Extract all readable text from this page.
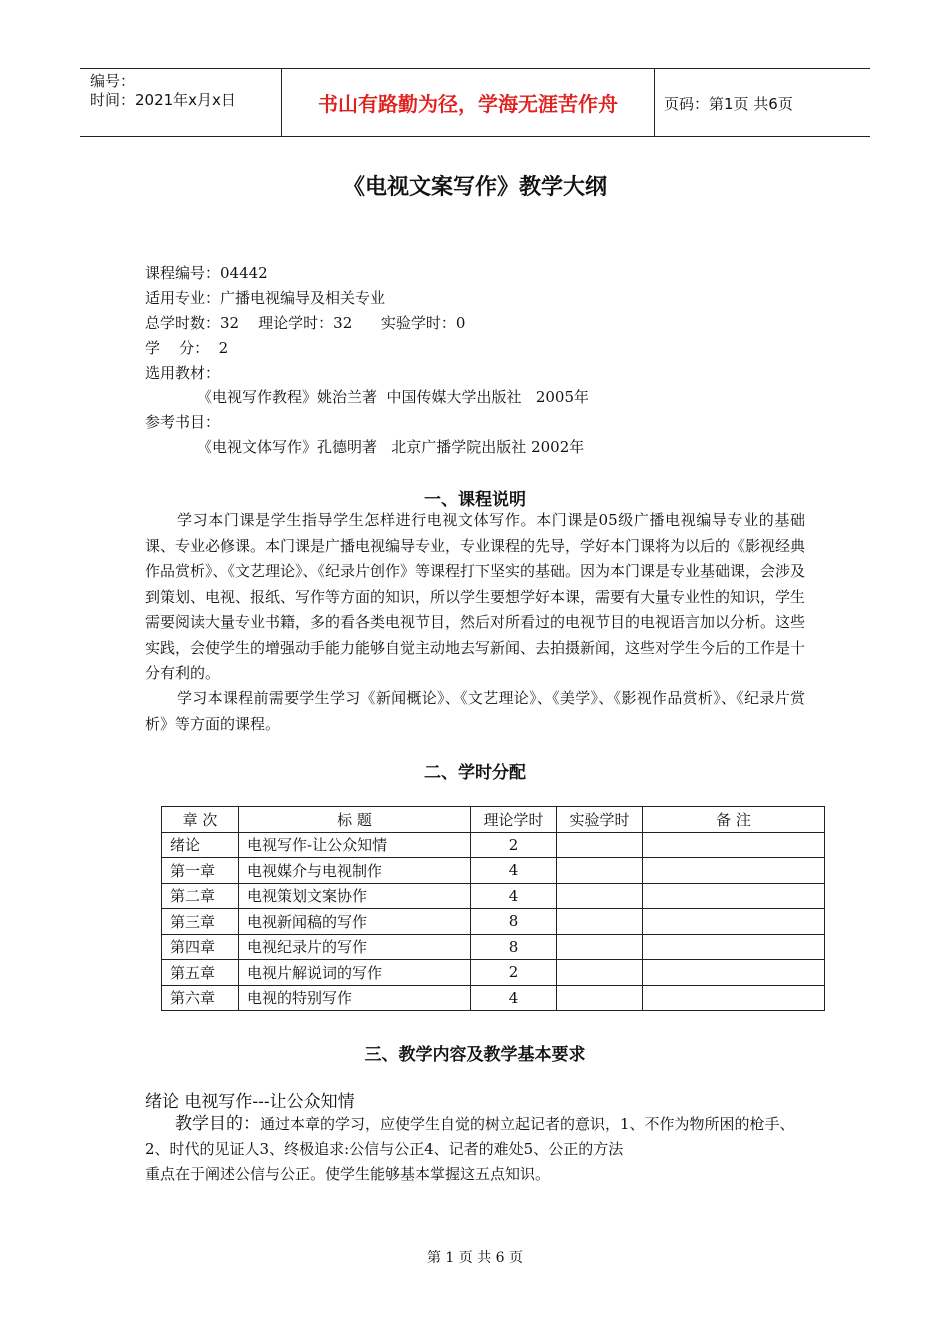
编号：
时间：2021年x月x日	书山有路勤为径，学海无涯苦作舟	页码：第1页 共6页
《电视文案写作》教学大纲
课程编号：04442
适用专业：广播电视编导及相关专业
总学时数：32    理论学时：32      实验学时：0
学    分：  2
选用教材：
《电视写作教程》姚治兰著  中国传媒大学出版社   2005年
参考书目：
《电视文体写作》孔德明著   北京广播学院出版社 2002年
一、课程说明

学习本门课是学生指导学生怎样进行电视文体写作。本门课是05级广播电视编导专业的基础课、专业必修课。本门课是广播电视编导专业，专业课程的先导，学好本门课将为以后的《影视经典作品赏析》、《文艺理论》、《纪录片创作》等课程打下坚实的基础。因为本门课是专业基础课，会涉及到策划、电视、报纸、写作等方面的知识，所以学生要想学好本课，需要有大量专业性的知识，学生需要阅读大量专业书籍，多的看各类电视节目，然后对所看过的电视节目的电视语言加以分析。这些实践，会使学生的增强动手能力能够自觉主动地去写新闻、去拍摄新闻，这些对学生今后的工作是十分有利的。

学习本课程前需要学生学习《新闻概论》、《文艺理论》、《美学》、《影视作品赏析》、《纪录片赏析》等方面的课程。

二、学时分配
章 次	标 题	理论学时	实验学时	备 注
绪论	电视写作-让公众知情	2		
第一章	电视媒介与电视制作	4		
第二章	电视策划文案协作	4		
第三章	电视新闻稿的写作	8		
第四章	电视纪录片的写作	8		
第五章	电视片解说词的写作	2		
第六章	电视的特别写作	4		
三、教学内容及教学基本要求
绪论 电视写作---让公众知情

教学目的：通过本章的学习，应使学生自觉的树立起记者的意识，1、不作为物所困的枪手、2、时代的见证人3、终极追求:公信与公正4、记者的难处5、公正的方法
重点在于阐述公信与公正。使学生能够基本掌握这五点知识。

第 1 页 共 6 页
